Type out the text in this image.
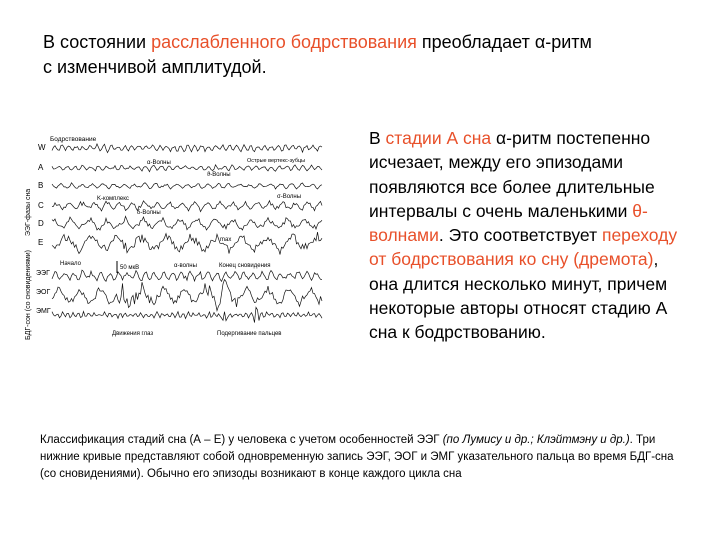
В состоянии расслабленного бодрствования преобладает α-ритм
с изменчивой амплитудой.

ЭЭГ-фазы сна
БДГ-сон (со сновидениями)
W
A
B
C
D
E
ЭЭГ
ЭОГ
ЭМГ
Бодрствование
α-Волны
ϑ-Волны
Острые вертекс-зубцы
K-комплекс	σ-Волны
δ-Волны
max
Начало
50 мкВ	α-волны	Конец сновидения
Движения глаз	Подергивание пальцев
В стадии А сна α-ритм постепенно исчезает, между его эпизодами появляются все более длительные интервалы с очень маленькими θ-волнами. Это соответствует переходу от бодрствования ко сну (дремота), она длится несколько минут, причем некоторые авторы относят стадию А сна к бодрствованию.
Классификация стадий сна (А – Е) у человека с учетом особенностей ЭЭГ (по Лумису и др.; Клэйтмэну и др.). Три нижние кривые представляют собой одновременную запись ЭЭГ, ЭОГ и ЭМГ указательного пальца во время БДГ-сна (со сновидениями). Обычно его эпизоды возникают в конце каждого цикла сна
